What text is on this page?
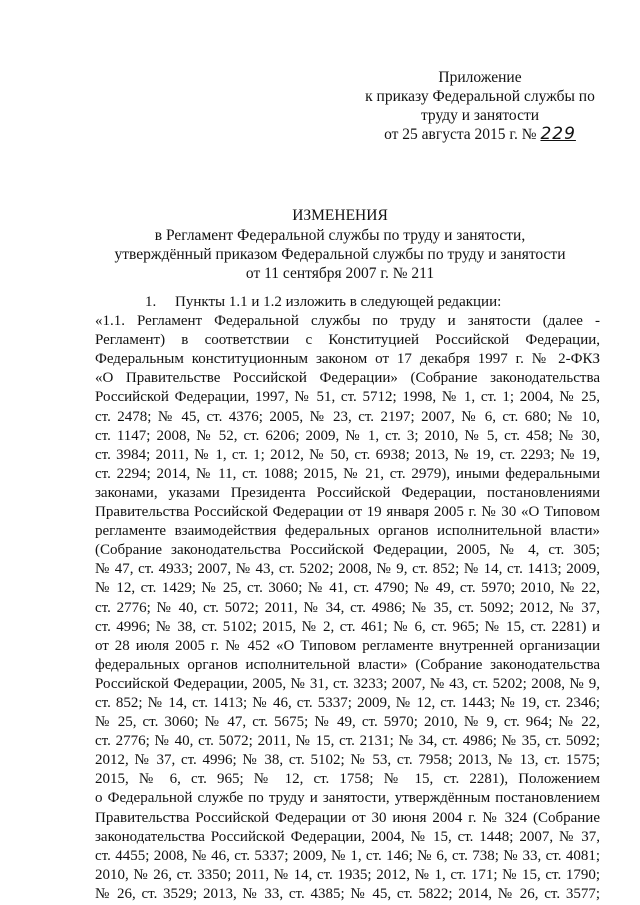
Приложение
к приказу Федеральной службы по
труду и занятости
от 25 августа 2015 г. № 229
ИЗМЕНЕНИЯ
в Регламент Федеральной службы по труду и занятости,
утверждённый приказом Федеральной службы по труду и занятости
от 11 сентября 2007 г. № 211
1.     Пункты 1.1 и 1.2 изложить в следующей редакции:
«1.1. Регламент Федеральной службы по труду и занятости (далее -
Регламент) в соответствии с Конституцией Российской Федерации,
Федеральным конституционным законом от 17 декабря 1997 г. № 2-ФКЗ
«О Правительстве Российской Федерации» (Собрание законодательства
Российской Федерации, 1997, № 51, ст. 5712; 1998, № 1, ст. 1; 2004, № 25,
ст. 2478; № 45, ст. 4376; 2005, № 23, ст. 2197; 2007, № 6, ст. 680; № 10,
ст. 1147; 2008, № 52, ст. 6206; 2009, № 1, ст. 3; 2010, № 5, ст. 458; № 30,
ст. 3984; 2011, № 1, ст. 1; 2012, № 50, ст. 6938; 2013, № 19, ст. 2293; № 19,
ст. 2294; 2014, № 11, ст. 1088; 2015, № 21, ст. 2979), иными федеральными
законами, указами Президента Российской Федерации, постановлениями
Правительства Российской Федерации от 19 января 2005 г. № 30 «О Типовом
регламенте взаимодействия федеральных органов исполнительной власти»
(Собрание законодательства Российской Федерации, 2005, № 4, ст. 305;
№ 47, ст. 4933; 2007, № 43, ст. 5202; 2008, № 9, ст. 852; № 14, ст. 1413; 2009,
№ 12, ст. 1429; № 25, ст. 3060; № 41, ст. 4790; № 49, ст. 5970; 2010, № 22,
ст. 2776; № 40, ст. 5072; 2011, № 34, ст. 4986; № 35, ст. 5092; 2012, № 37,
ст. 4996; № 38, ст. 5102; 2015, № 2, ст. 461; № 6, ст. 965; № 15, ст. 2281) и
от 28 июля 2005 г. № 452 «О Типовом регламенте внутренней организации
федеральных органов исполнительной власти» (Собрание законодательства
Российской Федерации, 2005, № 31, ст. 3233; 2007, № 43, ст. 5202; 2008, № 9,
ст. 852; № 14, ст. 1413; № 46, ст. 5337; 2009, № 12, ст. 1443; № 19, ст. 2346;
№ 25, ст. 3060; № 47, ст. 5675; № 49, ст. 5970; 2010, № 9, ст. 964; № 22,
ст. 2776; № 40, ст. 5072; 2011, № 15, ст. 2131; № 34, ст. 4986; № 35, ст. 5092;
2012, № 37, ст. 4996; № 38, ст. 5102; № 53, ст. 7958; 2013, № 13, ст. 1575;
2015, № 6, ст. 965; № 12, ст. 1758; № 15, ст. 2281), Положением
о Федеральной службе по труду и занятости, утверждённым постановлением
Правительства Российской Федерации от 30 июня 2004 г. № 324 (Собрание
законодательства Российской Федерации, 2004, № 15, ст. 1448; 2007, № 37,
ст. 4455; 2008, № 46, ст. 5337; 2009, № 1, ст. 146; № 6, ст. 738; № 33, ст. 4081;
2010, № 26, ст. 3350; 2011, № 14, ст. 1935; 2012, № 1, ст. 171; № 15, ст. 1790;
№ 26, ст. 3529; 2013, № 33, ст. 4385; № 45, ст. 5822; 2014, № 26, ст. 3577;
